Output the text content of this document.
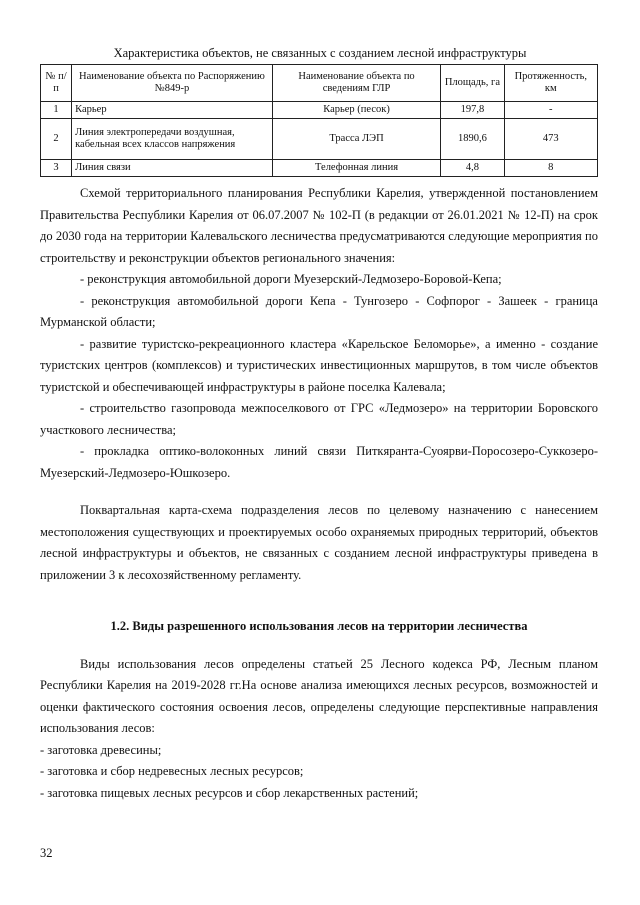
Характеристика объектов, не связанных с созданием лесной инфраструктуры
№ п/п	Наименование объекта по Распоряжению №849-р	Наименование объекта по сведениям ГЛР	Площадь, га	Протяженность, км
1	Карьер	Карьер (песок)	197,8	-
2	Линия электропередачи воздушная, кабельная всех классов напряжения	Трасса ЛЭП	1890,6	473
3	Линия связи	Телефонная линия	4,8	8

Схемой территориального планирования Республики Карелия, утвержденной постановлением Правительства Республики Карелия от 06.07.2007 № 102-П (в редакции от 26.01.2021 № 12-П) на срок до 2030 года на территории Калевальского лесничества предусматриваются следующие мероприятия по строительству и реконструкции объектов регионального значения:

- реконструкция автомобильной дороги Муезерский-Ледмозеро-Боровой-Кепа;

- реконструкция автомобильной дороги Кепа - Тунгозеро - Софпорог - Зашеек - граница Мурманской области;

- развитие туристско-рекреационного кластера «Карельское Беломорье», а именно - создание туристских центров (комплексов) и туристических инвестиционных маршрутов, в том числе объектов туристской и обеспечивающей инфраструктуры в районе поселка Калевала;

- строительство газопровода межпоселкового от ГРС «Ледмозеро» на территории Боровского участкового лесничества;

- прокладка оптико-волоконных линий связи Питкяранта-Суоярви-Поросозеро-Суккозеро-Муезерский-Ледмозеро-Юшкозеро.

Поквартальная карта-схема подразделения лесов по целевому назначению с нанесением местоположения существующих и проектируемых особо охраняемых природных территорий, объектов лесной инфраструктуры и объектов, не связанных с созданием лесной инфраструктуры приведена в приложении 3 к лесохозяйственному регламенту.

1.2. Виды разрешенного использования лесов на территории лесничества

Виды использования лесов определены статьей 25 Лесного кодекса РФ, Лесным планом Республики Карелия на 2019-2028 гг.На основе анализа имеющихся лесных ресурсов, возможностей и оценки фактического состояния освоения лесов, определены следующие перспективные направления использования лесов:

- заготовка древесины;

- заготовка и сбор недревесных лесных ресурсов;

- заготовка пищевых лесных ресурсов и сбор лекарственных растений;

32
